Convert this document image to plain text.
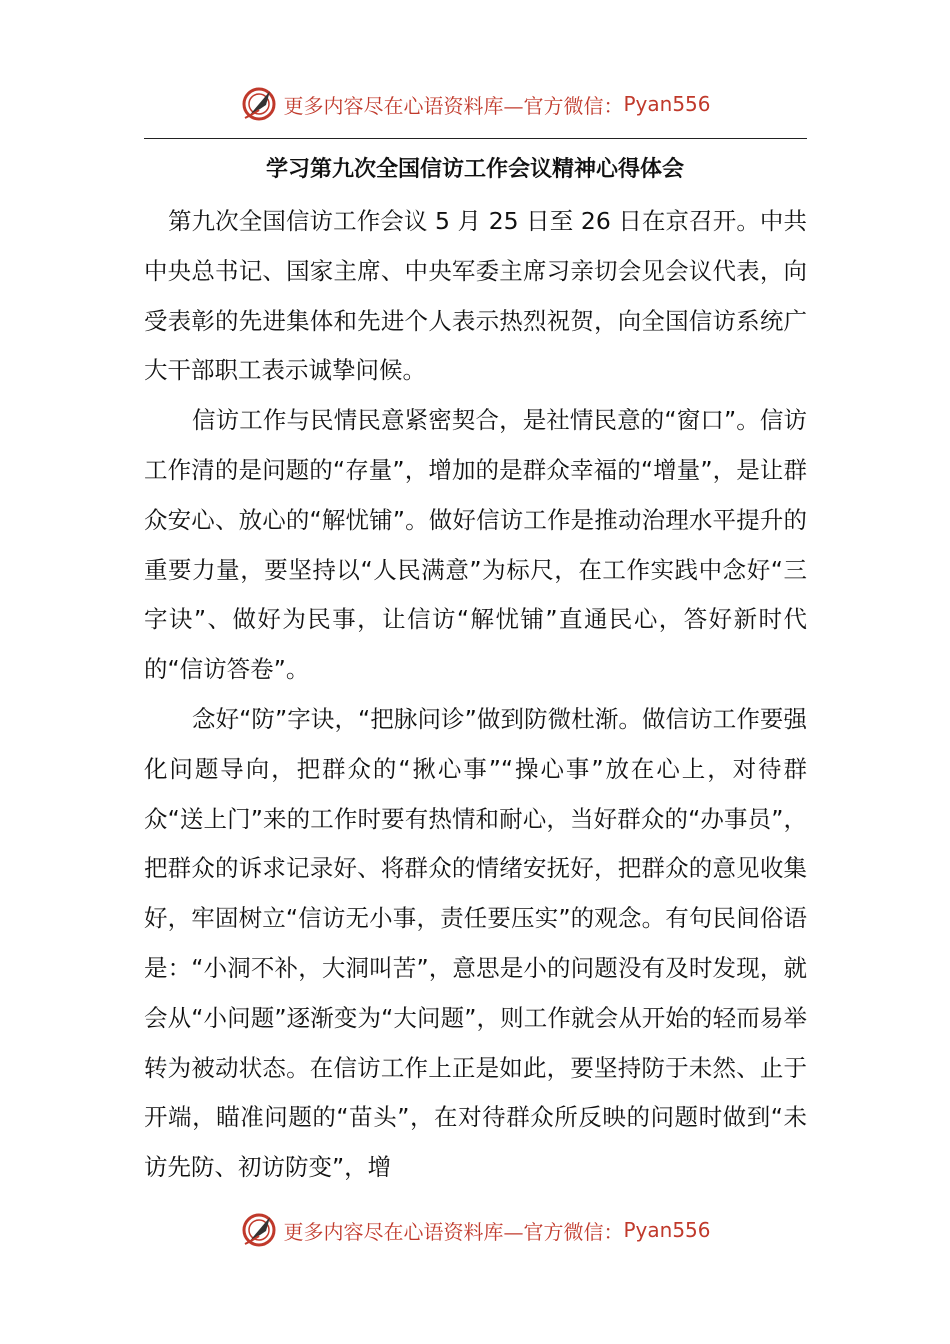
更多内容尽在心语资料库—官方微信： Pyan556
学习第九次全国信访工作会议精神心得体会

第九次全国信访工作会议 5 月 25 日至 26 日在京召开。中共中央总书记、国家主席、中央军委主席习亲切会见会议代表，向受表彰的先进集体和先进个人表示热烈祝贺，向全国信访系统广大干部职工表示诚挚问候。

信访工作与民情民意紧密契合，是社情民意的“窗口”。信访工作清的是问题的“存量”，增加的是群众幸福的“增量”，是让群众安心、放心的“解忧铺”。做好信访工作是推动治理水平提升的重要力量，要坚持以“人民满意”为标尺，在工作实践中念好“三字诀”、做好为民事，让信访“解忧铺”直通民心，答好新时代的“信访答卷”。

念好“防”字诀，“把脉问诊”做到防微杜渐。做信访工作要强化问题导向，把群众的“揪心事”“操心事”放在心上，对待群众“送上门”来的工作时要有热情和耐心，当好群众的“办事员”，把群众的诉求记录好、将群众的情绪安抚好，把群众的意见收集好，牢固树立“信访无小事，责任要压实”的观念。有句民间俗语是：“小洞不补，大洞叫苦”，意思是小的问题没有及时发现，就会从“小问题”逐渐变为“大问题”，则工作就会从开始的轻而易举转为被动状态。在信访工作上正是如此，要坚持防于未然、止于开端，瞄准问题的“苗头”，在对待群众所反映的问题时做到“未访先防、初访防变”，增

更多内容尽在心语资料库—官方微信： Pyan556
